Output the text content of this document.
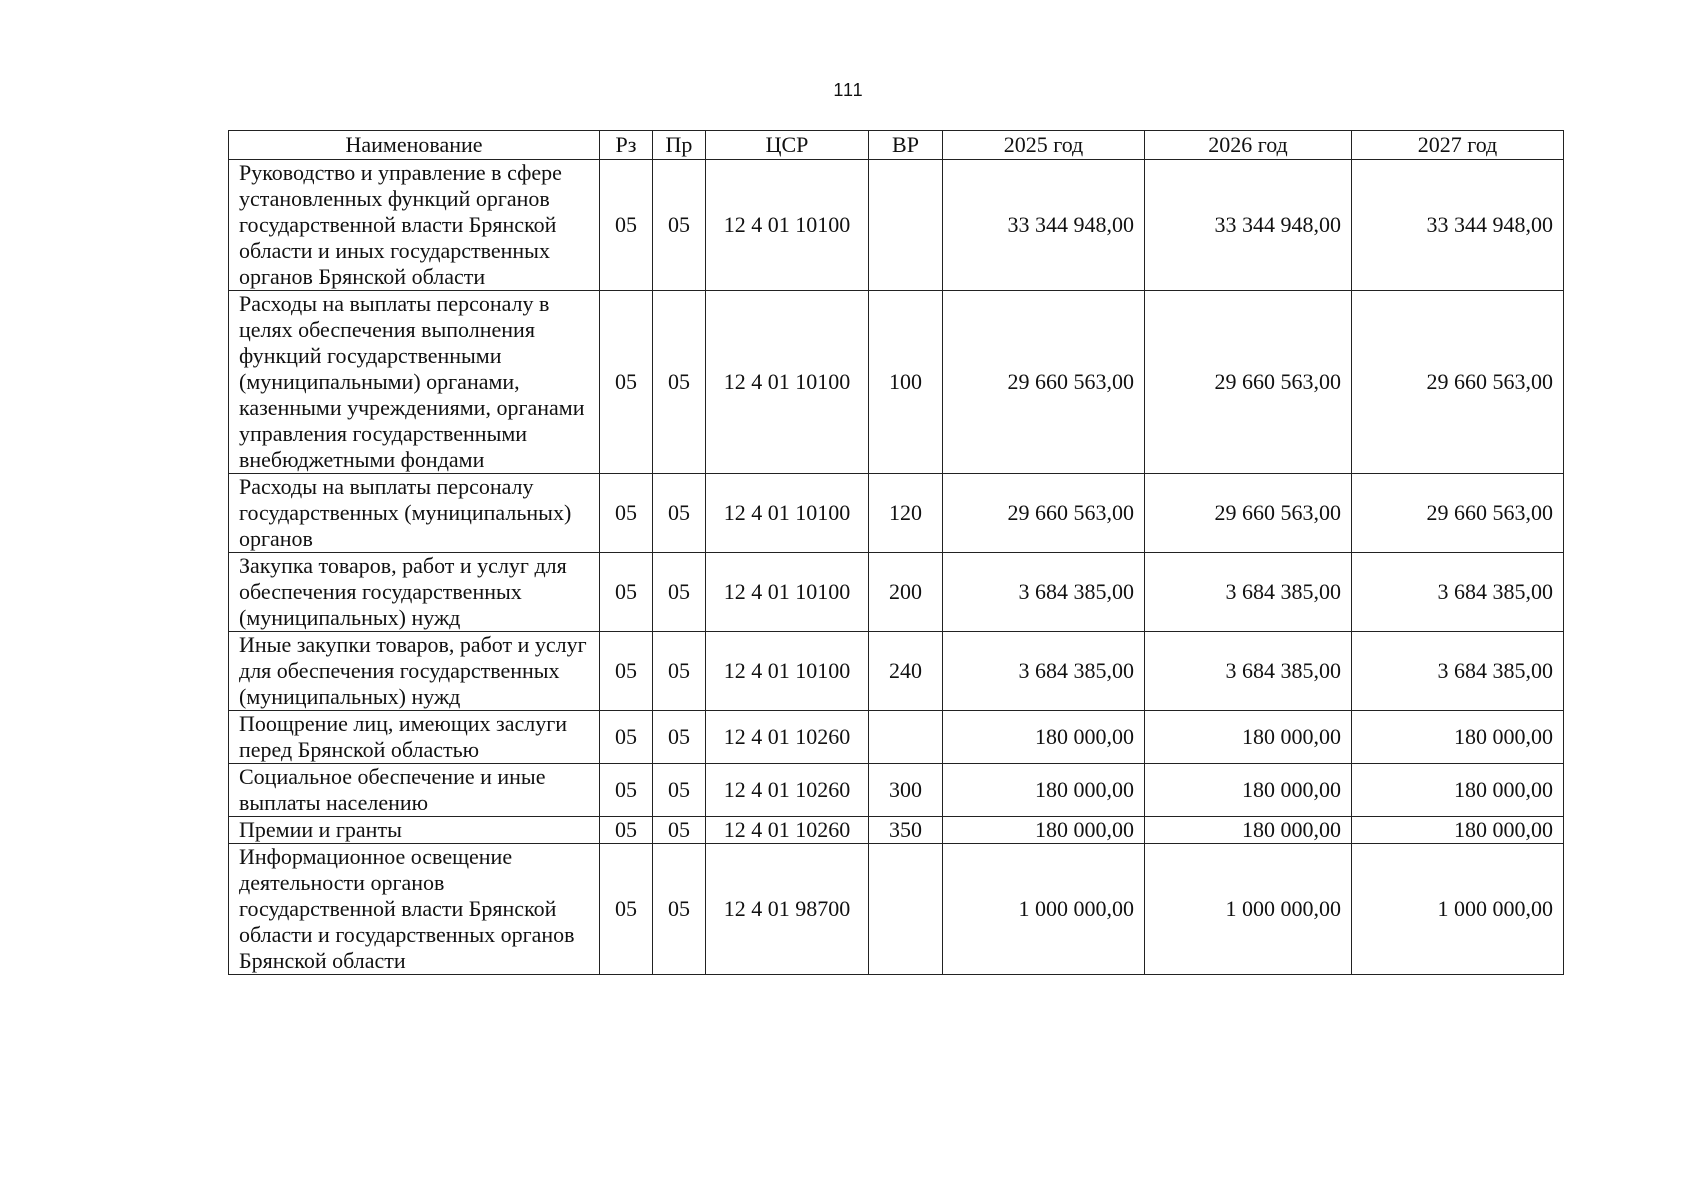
111
Наименование	Рз	Пр	ЦСР	ВР	2025 год	2026 год	2027 год
Руководство и управление в сфере установленных функций органов государственной власти Брянской области и иных государственных органов Брянской области	05	05	12 4 01 10100		33 344 948,00	33 344 948,00	33 344 948,00
Расходы на выплаты персоналу в целях обеспечения выполнения функций государственными (муниципальными) органами, казенными учреждениями, органами управления государственными внебюджетными фондами	05	05	12 4 01 10100	100	29 660 563,00	29 660 563,00	29 660 563,00
Расходы на выплаты персоналу государственных (муниципальных) органов	05	05	12 4 01 10100	120	29 660 563,00	29 660 563,00	29 660 563,00
Закупка товаров, работ и услуг для обеспечения государственных (муниципальных) нужд	05	05	12 4 01 10100	200	3 684 385,00	3 684 385,00	3 684 385,00
Иные закупки товаров, работ и услуг для обеспечения государственных (муниципальных) нужд	05	05	12 4 01 10100	240	3 684 385,00	3 684 385,00	3 684 385,00
Поощрение лиц, имеющих заслуги перед Брянской областью	05	05	12 4 01 10260		180 000,00	180 000,00	180 000,00
Социальное обеспечение и иные выплаты населению	05	05	12 4 01 10260	300	180 000,00	180 000,00	180 000,00
Премии и гранты	05	05	12 4 01 10260	350	180 000,00	180 000,00	180 000,00
Информационное освещение деятельности органов государственной власти Брянской области и государственных органов Брянской области	05	05	12 4 01 98700		1 000 000,00	1 000 000,00	1 000 000,00
